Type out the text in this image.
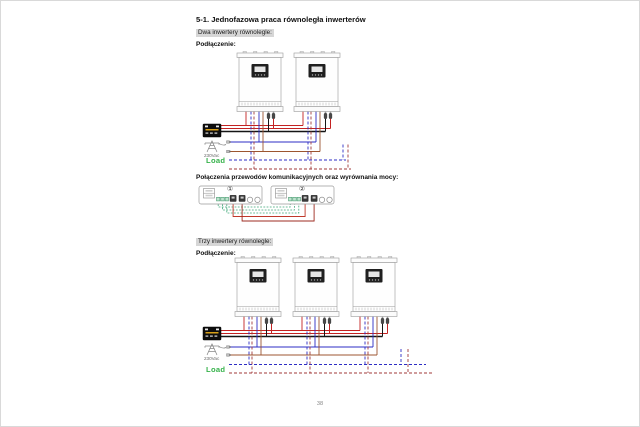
5-1. Jednofazowa praca równoległa inwerterów
Dwa inwertery równolegle:
Podłączenie:
Load
230Vac
Połączenia przewodów komunikacyjnych oraz wyrównania mocy:
①	②
Trzy inwertery równolegle:
Podłączenie:
Load
230Vac
38
